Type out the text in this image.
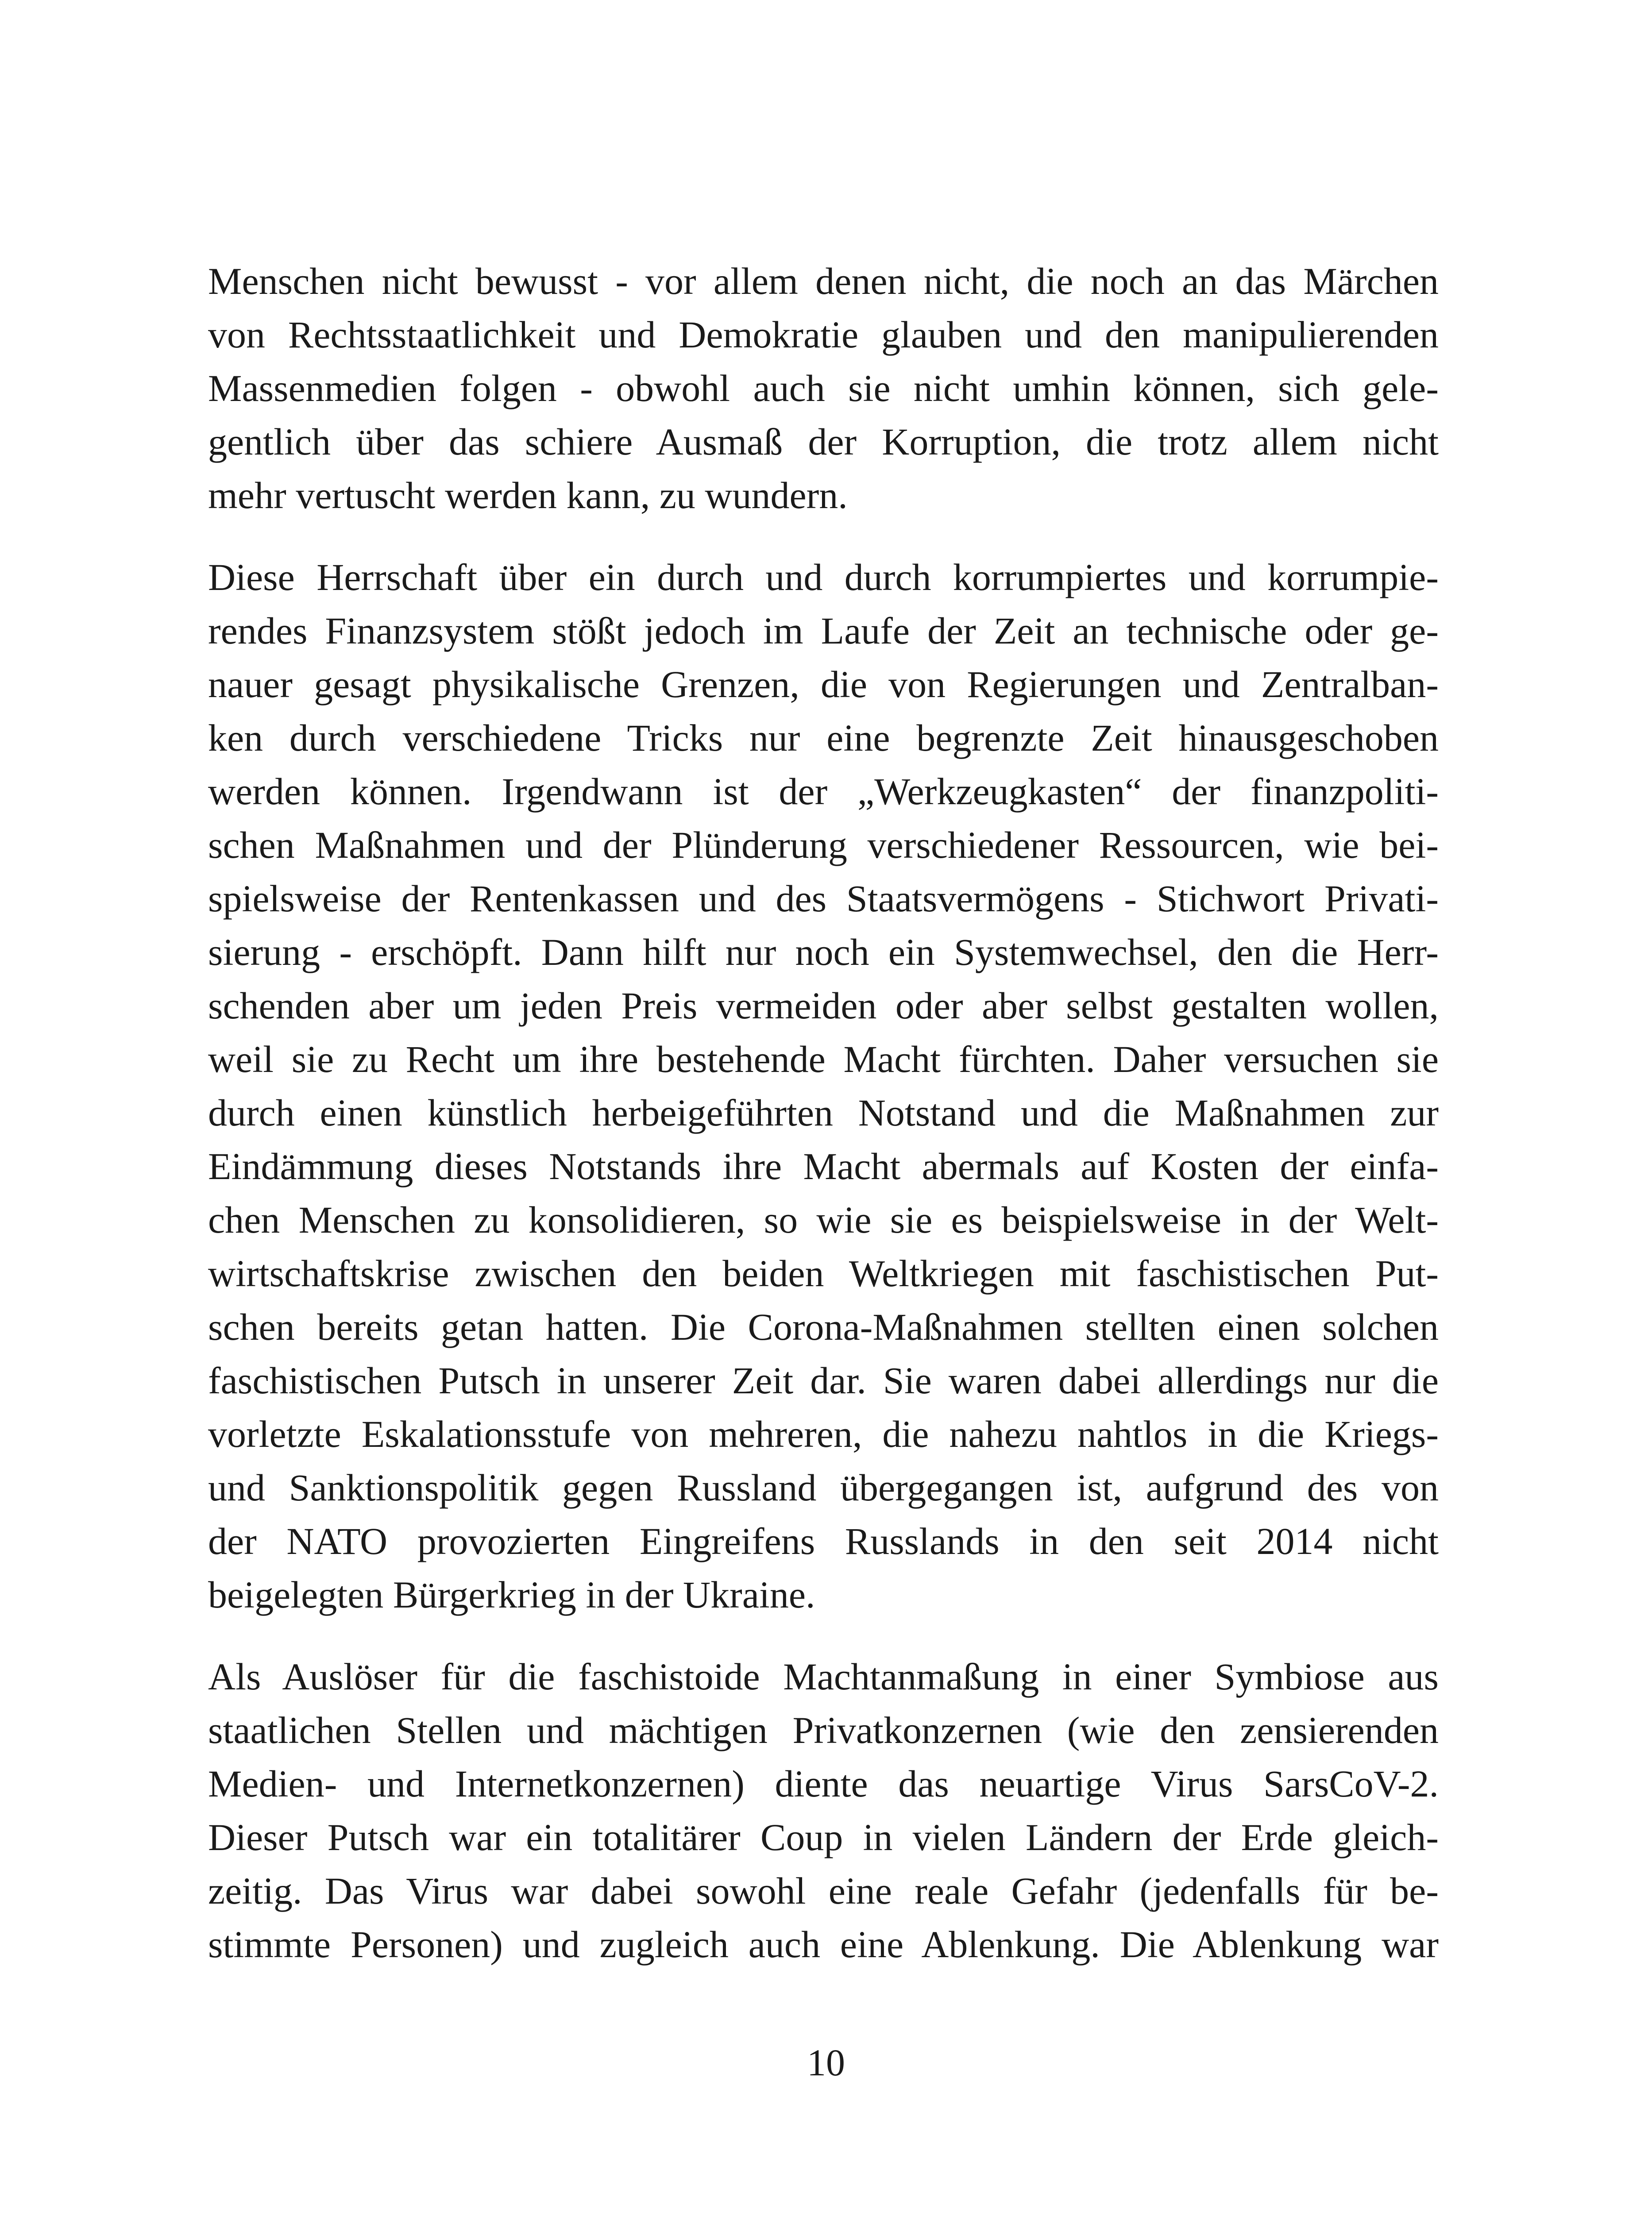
Menschen nicht bewusst - vor allem denen nicht, die noch an das Märchen
von Rechtsstaatlichkeit und Demokratie glauben und den manipulierenden
Massenmedien folgen - obwohl auch sie nicht umhin können, sich gele-
gentlich über das schiere Ausmaß der Korruption, die trotz allem nicht
mehr vertuscht werden kann, zu wundern.
Diese Herrschaft über ein durch und durch korrumpiertes und korrumpie-
rendes Finanzsystem stößt jedoch im Laufe der Zeit an technische oder ge-
nauer gesagt physikalische Grenzen, die von Regierungen und Zentralban-
ken durch verschiedene Tricks nur eine begrenzte Zeit hinausgeschoben
werden können. Irgendwann ist der „Werkzeugkasten“ der finanzpoliti-
schen Maßnahmen und der Plünderung verschiedener Ressourcen, wie bei-
spielsweise der Rentenkassen und des Staatsvermögens - Stichwort Privati-
sierung - erschöpft. Dann hilft nur noch ein Systemwechsel, den die Herr-
schenden aber um jeden Preis vermeiden oder aber selbst gestalten wollen,
weil sie zu Recht um ihre bestehende Macht fürchten. Daher versuchen sie
durch einen künstlich herbeigeführten Notstand und die Maßnahmen zur
Eindämmung dieses Notstands ihre Macht abermals auf Kosten der einfa-
chen Menschen zu konsolidieren, so wie sie es beispielsweise in der Welt-
wirtschaftskrise zwischen den beiden Weltkriegen mit faschistischen Put-
schen bereits getan hatten. Die Corona-Maßnahmen stellten einen solchen
faschistischen Putsch in unserer Zeit dar. Sie waren dabei allerdings nur die
vorletzte Eskalationsstufe von mehreren, die nahezu nahtlos in die Kriegs-
und Sanktionspolitik gegen Russland übergegangen ist, aufgrund des von
der NATO provozierten Eingreifens Russlands in den seit 2014 nicht
beigelegten Bürgerkrieg in der Ukraine.
Als Auslöser für die faschistoide Machtanmaßung in einer Symbiose aus
staatlichen Stellen und mächtigen Privatkonzernen (wie den zensierenden
Medien- und Internetkonzernen) diente das neuartige Virus SarsCoV-2.
Dieser Putsch war ein totalitärer Coup in vielen Ländern der Erde gleich-
zeitig. Das Virus war dabei sowohl eine reale Gefahr (jedenfalls für be-
stimmte Personen) und zugleich auch eine Ablenkung. Die Ablenkung war
10
